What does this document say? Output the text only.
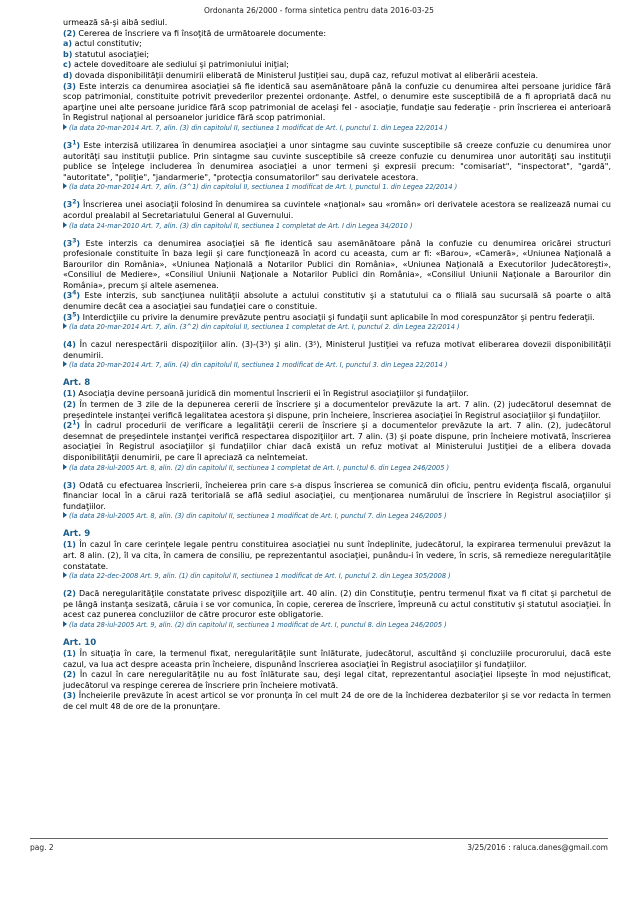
Ordonanta 26/2000 - forma sintetica pentru data 2016-03-25

urmează să-şi aibă sediul.

(2) Cererea de înscriere va fi însoţită de următoarele documente:

a) actul constitutiv;

b) statutul asociaţiei;

c) actele doveditoare ale sediului şi patrimoniului iniţial;

d) dovada disponibilităţii denumirii eliberată de Ministerul Justiţiei sau, după caz, refuzul motivat al eliberării acesteia.

(3) Este interzis ca denumirea asociaţiei să fie identică sau asemănătoare până la confuzie cu denumirea altei persoane juridice fără scop patrimonial, constituite potrivit prevederilor prezentei ordonanţe. Astfel, o denumire este susceptibilă de a fi apropriată dacă nu aparţine unei alte persoane juridice fără scop patrimonial de acelaşi fel - asociaţie, fundaţie sau federaţie - prin înscrierea ei anterioară în Registrul naţional al persoanelor juridice fără scop patrimonial.

(la data 20-mar-2014 Art. 7, alin. (3) din capitolul II, sectiunea 1 modificat de Art. I, punctul 1. din Legea 22/2014 )

$(3^1)$ Este interzisă utilizarea în denumirea asociaţiei a unor sintagme sau cuvinte susceptibile să creeze confuzie cu denumirea unor autorităţi sau instituţii publice. Prin sintagme sau cuvinte susceptibile să creeze confuzie cu denumirea unor autorităţi sau instituţii publice se înţelege includerea în denumirea asociaţiei a unor termeni şi expresii precum: "comisariat", "inspectorat", "gardă", "autoritate", "poliţie", "jandarmerie", "protecţia consumatorilor" sau derivatele acestora.

(la data 20-mar-2014 Art. 7, alin. (3^1) din capitolul II, sectiunea 1 modificat de Art. I, punctul 1. din Legea 22/2014 )

$(3^2)$ Înscrierea unei asociaţii folosind în denumirea sa cuvintele «naţional» sau «român» ori derivatele acestora se realizează numai cu acordul prealabil al Secretariatului General al Guvernului.

(la data 24-mar-2010 Art. 7, alin. (3) din capitolul II, sectiunea 1 completat de Art. I din Legea 34/2010 )

$(3^3)$ Este interzis ca denumirea asociaţiei să fie identică sau asemănătoare până la confuzie cu denumirea oricărei structuri profesionale constituite în baza legii şi care funcţionează în acord cu aceasta, cum ar fi: «Barou», «Cameră», «Uniunea Naţională a Barourilor din România», «Uniunea Naţională a Notarilor Publici din România», «Uniunea Naţională a Executorilor Judecătoreşti», «Consiliul de Mediere», «Consiliul Uniunii Naţionale a Notarilor Publici din România», «Consiliul Uniunii Naţionale a Barourilor din România», precum şi altele asemenea.

$(3^4)$ Este interzis, sub sancţiunea nulităţii absolute a actului constitutiv şi a statutului ca o filială sau sucursală să poarte o altă denumire decât cea a asociaţiei sau fundaţiei care o constituie.

$(3^5)$ Interdicţiile cu privire la denumire prevăzute pentru asociaţii şi fundaţii sunt aplicabile în mod corespunzător şi pentru federaţii.

(la data 20-mar-2014 Art. 7, alin. (3^2) din capitolul II, sectiunea 1 completat de Art. I, punctul 2. din Legea 22/2014 )

(4) În cazul nerespectării dispoziţiilor alin. (3)-(3³) şi alin. (3⁵), Ministerul Justiţiei va refuza motivat eliberarea dovezii disponibilităţii denumirii.

(la data 20-mar-2014 Art. 7, alin. (4) din capitolul II, sectiunea 1 modificat de Art. I, punctul 3. din Legea 22/2014 )

Art. 8

(1) Asociaţia devine persoană juridică din momentul înscrierii ei în Registrul asociaţiilor şi fundaţiilor.

(2) În termen de 3 zile de la depunerea cererii de înscriere şi a documentelor prevăzute la art. 7 alin. (2) judecătorul desemnat de preşedintele instanţei verifică legalitatea acestora şi dispune, prin încheiere, înscrierea asociaţiei în Registrul asociaţiilor şi fundaţiilor.

$(2^1)$ În cadrul procedurii de verificare a legalităţii cererii de înscriere şi a documentelor prevăzute la art. 7 alin. (2), judecătorul desemnat de preşedintele instanţei verifică respectarea dispoziţiilor art. 7 alin. (3) şi poate dispune, prin încheiere motivată, înscrierea asociaţiei în Registrul asociaţiilor şi fundaţiilor chiar dacă există un refuz motivat al Ministerului Justiţiei de a elibera dovada disponibilităţii denumirii, pe care îl apreciază ca neîntemeiat.

(la data 28-iul-2005 Art. 8, alin. (2) din capitolul II, sectiunea 1 completat de Art. I, punctul 6. din Legea 246/2005 )

(3) Odată cu efectuarea înscrierii, încheierea prin care s-a dispus înscrierea se comunică din oficiu, pentru evidenţa fiscală, organului financiar local în a cărui rază teritorială se află sediul asociaţiei, cu menţionarea numărului de înscriere în Registrul asociaţiilor şi fundaţiilor.

(la data 28-iul-2005 Art. 8, alin. (3) din capitolul II, sectiunea 1 modificat de Art. I, punctul 7. din Legea 246/2005 )

Art. 9

(1) În cazul în care cerinţele legale pentru constituirea asociaţiei nu sunt îndeplinite, judecătorul, la expirarea termenului prevăzut la art. 8 alin. (2), îl va cita, în camera de consiliu, pe reprezentantul asociaţiei, punându-i în vedere, în scris, să remedieze neregularităţile constatate.

(la data 22-dec-2008 Art. 9, alin. (1) din capitolul II, sectiunea 1 modificat de Art. I, punctul 2. din Legea 305/2008 )

(2) Dacă neregularităţile constatate privesc dispoziţiile art. 40 alin. (2) din Constituţie, pentru termenul fixat va fi citat şi parchetul de pe lângă instanţa sesizată, căruia i se vor comunica, în copie, cererea de înscriere, împreună cu actul constitutiv şi statutul asociaţiei. În acest caz punerea concluziilor de către procuror este obligatorie.

(la data 28-iul-2005 Art. 9, alin. (2) din capitolul II, sectiunea 1 modificat de Art. I, punctul 8. din Legea 246/2005 )

Art. 10

(1) În situaţia în care, la termenul fixat, neregularităţile sunt înlăturate, judecătorul, ascultând şi concluziile procurorului, dacă este cazul, va lua act despre aceasta prin încheiere, dispunând înscrierea asociaţiei în Registrul asociaţiilor şi fundaţiilor.

(2) În cazul în care neregularităţile nu au fost înlăturate sau, deşi legal citat, reprezentantul asociaţiei lipseşte în mod nejustificat, judecătorul va respinge cererea de înscriere prin încheiere motivată.

(3) Încheierile prevăzute în acest articol se vor pronunţa în cel mult 24 de ore de la închiderea dezbaterilor şi se vor redacta în termen de cel mult 48 de ore de la pronunţare.

pag. 2	3/25/2016 : raluca.danes@gmail.com
